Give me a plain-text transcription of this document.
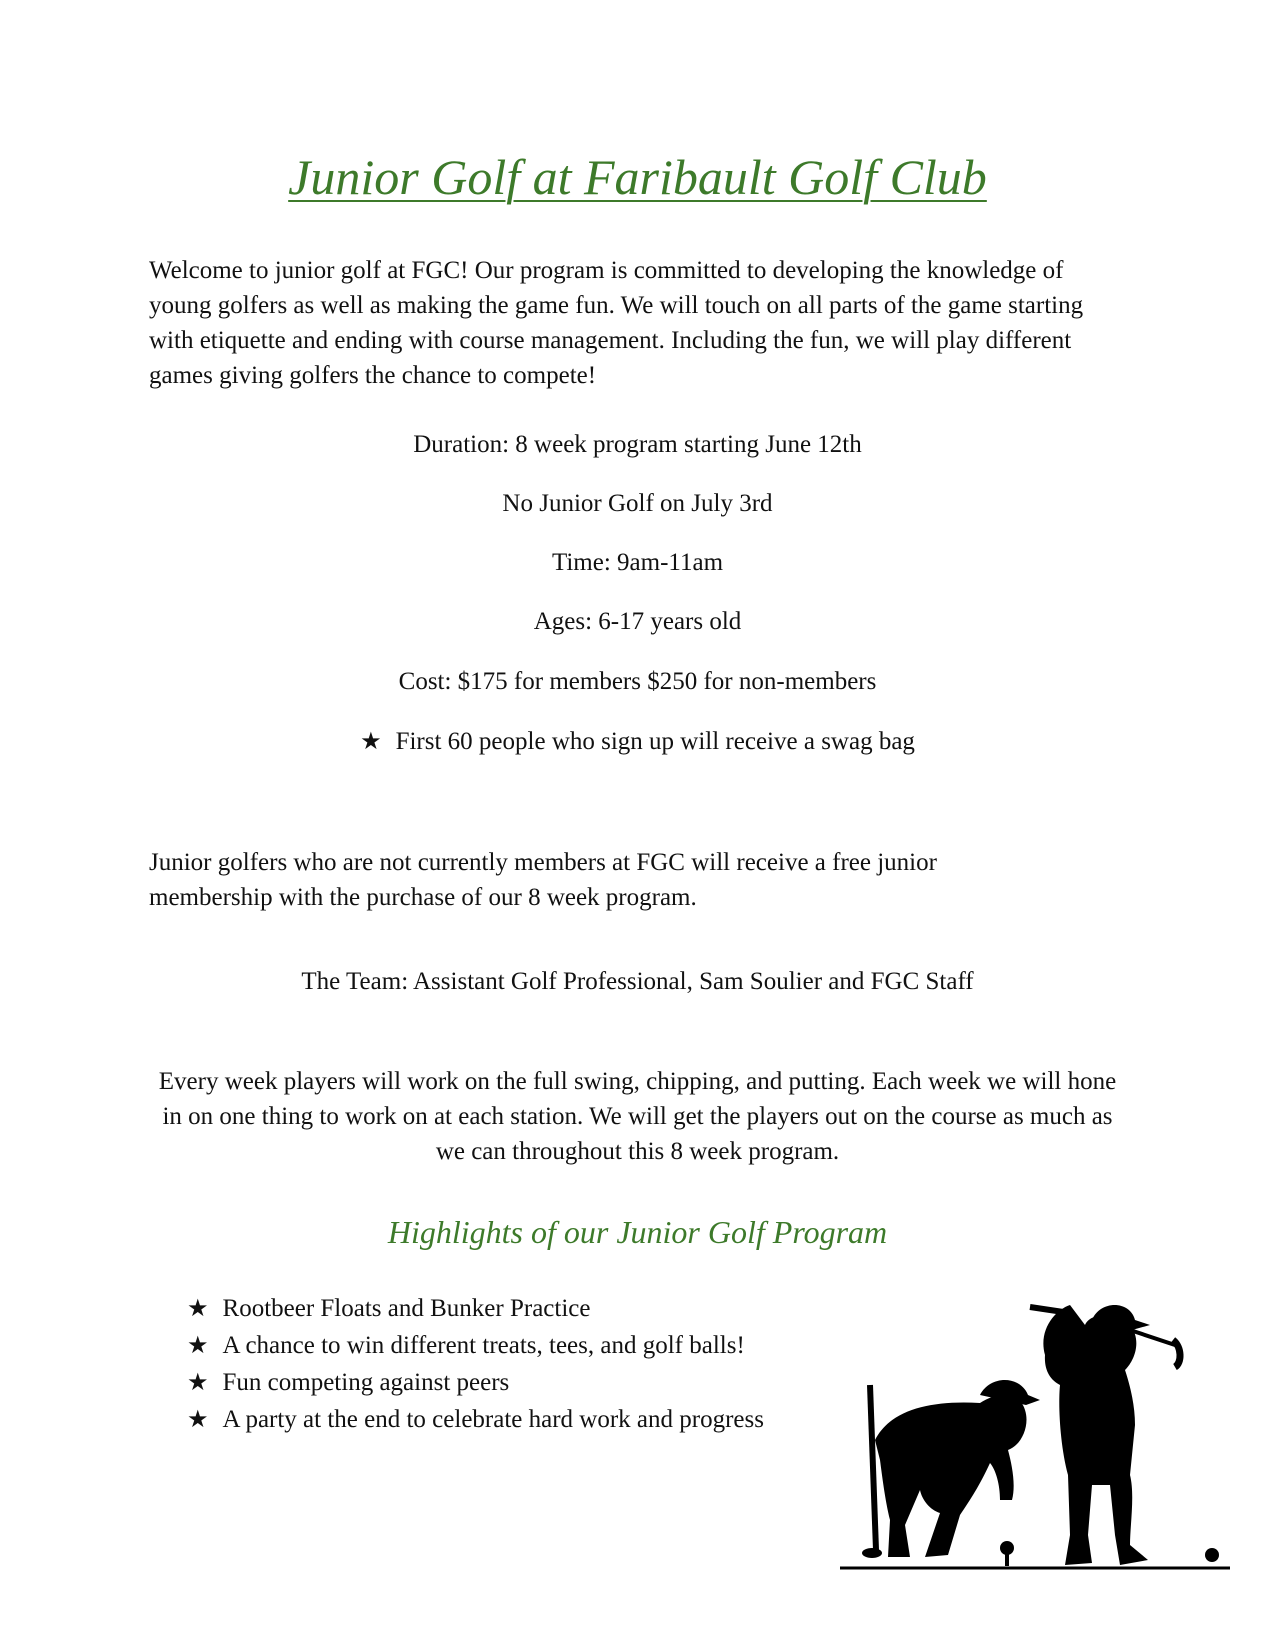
Junior Golf at Faribault Golf Club

Welcome to junior golf at FGC! Our program is committed to developing the knowledge of young golfers as well as making the game fun. We will touch on all parts of the game starting with etiquette and ending with course management. Including the fun, we will play different games giving golfers the chance to compete!

Duration: 8 week program starting June 12th

No Junior Golf on July 3rd

Time: 9am-11am

Ages: 6-17 years old

Cost: $175 for members $250 for non-members

★ First 60 people who sign up will receive a swag bag

Junior golfers who are not currently members at FGC will receive a free junior membership with the purchase of our 8 week program.

The Team: Assistant Golf Professional, Sam Soulier and FGC Staff

Every week players will work on the full swing, chipping, and putting. Each week we will hone in on one thing to work on at each station. We will get the players out on the course as much as we can throughout this 8 week program.

Highlights of our Junior Golf Program
★ Rootbeer Floats and Bunker Practice
★ A chance to win different treats, tees, and golf balls!
★ Fun competing against peers
★ A party at the end to celebrate hard work and progress
